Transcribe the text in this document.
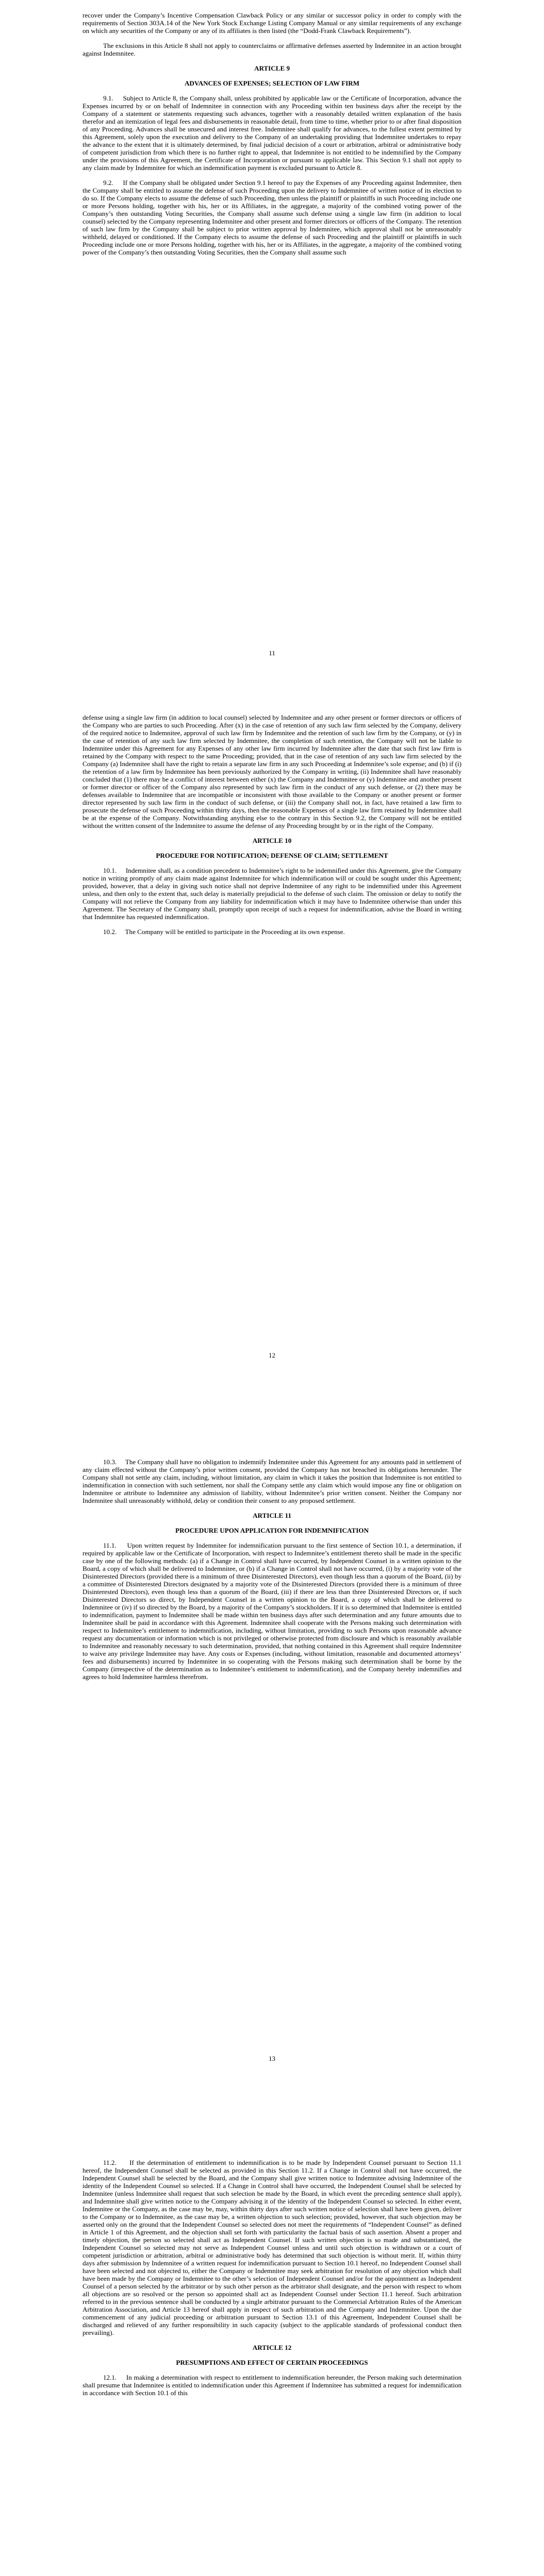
recover under the Company’s Incentive Compensation Clawback Policy or any similar or successor policy in order to comply with the requirements of Section 303A.14 of the New York Stock Exchange Listing Company Manual or any similar requirements of any exchange on which any securities of the Company or any of its affiliates is then listed (the “Dodd-Frank Clawback Requirements”).

The exclusions in this Article 8 shall not apply to counterclaims or affirmative defenses asserted by Indemnitee in an action brought against Indemnitee.

ARTICLE 9
ADVANCES OF EXPENSES; SELECTION OF LAW FIRM

9.1.     Subject to Article 8, the Company shall, unless prohibited by applicable law or the Certificate of Incorporation, advance the Expenses incurred by or on behalf of Indemnitee in connection with any Proceeding within ten business days after the receipt by the Company of a statement or statements requesting such advances, together with a reasonably detailed written explanation of the basis therefor and an itemization of legal fees and disbursements in reasonable detail, from time to time, whether prior to or after final disposition of any Proceeding. Advances shall be unsecured and interest free. Indemnitee shall qualify for advances, to the fullest extent permitted by this Agreement, solely upon the execution and delivery to the Company of an undertaking providing that Indemnitee undertakes to repay the advance to the extent that it is ultimately determined, by final judicial decision of a court or arbitration, arbitral or administrative body of competent jurisdiction from which there is no further right to appeal, that Indemnitee is not entitled to be indemnified by the Company under the provisions of this Agreement, the Certificate of Incorporation or pursuant to applicable law. This Section 9.1 shall not apply to any claim made by Indemnitee for which an indemnification payment is excluded pursuant to Article 8.

9.2.     If the Company shall be obligated under Section 9.1 hereof to pay the Expenses of any Proceeding against Indemnitee, then the Company shall be entitled to assume the defense of such Proceeding upon the delivery to Indemnitee of written notice of its election to do so. If the Company elects to assume the defense of such Proceeding, then unless the plaintiff or plaintiffs in such Proceeding include one or more Persons holding, together with his, her or its Affiliates, in the aggregate, a majority of the combined voting power of the Company’s then outstanding Voting Securities, the Company shall assume such defense using a single law firm (in addition to local counsel) selected by the Company representing Indemnitee and other present and former directors or officers of the Company. The retention of such law firm by the Company shall be subject to prior written approval by Indemnitee, which approval shall not be unreasonably withheld, delayed or conditioned. If the Company elects to assume the defense of such Proceeding and the plaintiff or plaintiffs in such Proceeding include one or more Persons holding, together with his, her or its Affiliates, in the aggregate, a majority of the combined voting power of the Company’s then outstanding Voting Securities, then the Company shall assume such

11

defense using a single law firm (in addition to local counsel) selected by Indemnitee and any other present or former directors or officers of the Company who are parties to such Proceeding. After (x) in the case of retention of any such law firm selected by the Company, delivery of the required notice to Indemnitee, approval of such law firm by Indemnitee and the retention of such law firm by the Company, or (y) in the case of retention of any such law firm selected by Indemnitee, the completion of such retention, the Company will not be liable to Indemnitee under this Agreement for any Expenses of any other law firm incurred by Indemnitee after the date that such first law firm is retained by the Company with respect to the same Proceeding; provided, that in the case of retention of any such law firm selected by the Company (a) Indemnitee shall have the right to retain a separate law firm in any such Proceeding at Indemnitee’s sole expense; and (b) if (i) the retention of a law firm by Indemnitee has been previously authorized by the Company in writing, (ii) Indemnitee shall have reasonably concluded that (1) there may be a conflict of interest between either (x) the Company and Indemnitee or (y) Indemnitee and another present or former director or officer of the Company also represented by such law firm in the conduct of any such defense, or (2) there may be defenses available to Indemnitee that are incompatible or inconsistent with those available to the Company or another present or former director represented by such law firm in the conduct of such defense, or (iii) the Company shall not, in fact, have retained a law firm to prosecute the defense of such Proceeding within thirty days, then the reasonable Expenses of a single law firm retained by Indemnitee shall be at the expense of the Company. Notwithstanding anything else to the contrary in this Section 9.2, the Company will not be entitled without the written consent of the Indemnitee to assume the defense of any Proceeding brought by or in the right of the Company.

ARTICLE 10
PROCEDURE FOR NOTIFICATION; DEFENSE OF CLAIM; SETTLEMENT

10.1.     Indemnitee shall, as a condition precedent to Indemnitee’s right to be indemnified under this Agreement, give the Company notice in writing promptly of any claim made against Indemnitee for which indemnification will or could be sought under this Agreement; provided, however, that a delay in giving such notice shall not deprive Indemnitee of any right to be indemnified under this Agreement unless, and then only to the extent that, such delay is materially prejudicial to the defense of such claim. The omission or delay to notify the Company will not relieve the Company from any liability for indemnification which it may have to Indemnitee otherwise than under this Agreement. The Secretary of the Company shall, promptly upon receipt of such a request for indemnification, advise the Board in writing that Indemnitee has requested indemnification.

10.2.     The Company will be entitled to participate in the Proceeding at its own expense.

12

10.3.     The Company shall have no obligation to indemnify Indemnitee under this Agreement for any amounts paid in settlement of any claim effected without the Company’s prior written consent, provided the Company has not breached its obligations hereunder. The Company shall not settle any claim, including, without limitation, any claim in which it takes the position that Indemnitee is not entitled to indemnification in connection with such settlement, nor shall the Company settle any claim which would impose any fine or obligation on Indemnitee or attribute to Indemnitee any admission of liability, without Indemnitee’s prior written consent. Neither the Company nor Indemnitee shall unreasonably withhold, delay or condition their consent to any proposed settlement.

ARTICLE 11
PROCEDURE UPON APPLICATION FOR INDEMNIFICATION

11.1.     Upon written request by Indemnitee for indemnification pursuant to the first sentence of Section 10.1, a determination, if required by applicable law or the Certificate of Incorporation, with respect to Indemnitee’s entitlement thereto shall be made in the specific case by one of the following methods: (a) if a Change in Control shall have occurred, by Independent Counsel in a written opinion to the Board, a copy of which shall be delivered to Indemnitee, or (b) if a Change in Control shall not have occurred, (i) by a majority vote of the Disinterested Directors (provided there is a minimum of three Disinterested Directors), even though less than a quorum of the Board, (ii) by a committee of Disinterested Directors designated by a majority vote of the Disinterested Directors (provided there is a minimum of three Disinterested Directors), even though less than a quorum of the Board, (iii) if there are less than three Disinterested Directors or, if such Disinterested Directors so direct, by Independent Counsel in a written opinion to the Board, a copy of which shall be delivered to Indemnitee or (iv) if so directed by the Board, by a majority of the Company’s stockholders. If it is so determined that Indemnitee is entitled to indemnification, payment to Indemnitee shall be made within ten business days after such determination and any future amounts due to Indemnitee shall be paid in accordance with this Agreement. Indemnitee shall cooperate with the Persons making such determination with respect to Indemnitee’s entitlement to indemnification, including, without limitation, providing to such Persons upon reasonable advance request any documentation or information which is not privileged or otherwise protected from disclosure and which is reasonably available to Indemnitee and reasonably necessary to such determination, provided, that nothing contained in this Agreement shall require Indemnitee to waive any privilege Indemnitee may have. Any costs or Expenses (including, without limitation, reasonable and documented attorneys’ fees and disbursements) incurred by Indemnitee in so cooperating with the Persons making such determination shall be borne by the Company (irrespective of the determination as to Indemnitee’s entitlement to indemnification), and the Company hereby indemnifies and agrees to hold Indemnitee harmless therefrom.

13

11.2.     If the determination of entitlement to indemnification is to be made by Independent Counsel pursuant to Section 11.1 hereof, the Independent Counsel shall be selected as provided in this Section 11.2. If a Change in Control shall not have occurred, the Independent Counsel shall be selected by the Board, and the Company shall give written notice to Indemnitee advising Indemnitee of the identity of the Independent Counsel so selected. If a Change in Control shall have occurred, the Independent Counsel shall be selected by Indemnitee (unless Indemnitee shall request that such selection be made by the Board, in which event the preceding sentence shall apply), and Indemnitee shall give written notice to the Company advising it of the identity of the Independent Counsel so selected. In either event, Indemnitee or the Company, as the case may be, may, within thirty days after such written notice of selection shall have been given, deliver to the Company or to Indemnitee, as the case may be, a written objection to such selection; provided, however, that such objection may be asserted only on the ground that the Independent Counsel so selected does not meet the requirements of “Independent Counsel” as defined in Article 1 of this Agreement, and the objection shall set forth with particularity the factual basis of such assertion. Absent a proper and timely objection, the person so selected shall act as Independent Counsel. If such written objection is so made and substantiated, the Independent Counsel so selected may not serve as Independent Counsel unless and until such objection is withdrawn or a court of competent jurisdiction or arbitration, arbitral or administrative body has determined that such objection is without merit. If, within thirty days after submission by Indemnitee of a written request for indemnification pursuant to Section 10.1 hereof, no Independent Counsel shall have been selected and not objected to, either the Company or Indemnitee may seek arbitration for resolution of any objection which shall have been made by the Company or Indemnitee to the other’s selection of Independent Counsel and/or for the appointment as Independent Counsel of a person selected by the arbitrator or by such other person as the arbitrator shall designate, and the person with respect to whom all objections are so resolved or the person so appointed shall act as Independent Counsel under Section 11.1 hereof. Such arbitration referred to in the previous sentence shall be conducted by a single arbitrator pursuant to the Commercial Arbitration Rules of the American Arbitration Association, and Article 13 hereof shall apply in respect of such arbitration and the Company and Indemnitee. Upon the due commencement of any judicial proceeding or arbitration pursuant to Section 13.1 of this Agreement, Independent Counsel shall be discharged and relieved of any further responsibility in such capacity (subject to the applicable standards of professional conduct then prevailing).

ARTICLE 12
PRESUMPTIONS AND EFFECT OF CERTAIN PROCEEDINGS

12.1.     In making a determination with respect to entitlement to indemnification hereunder, the Person making such determination shall presume that Indemnitee is entitled to indemnification under this Agreement if Indemnitee has submitted a request for indemnification in accordance with Section 10.1 of this
